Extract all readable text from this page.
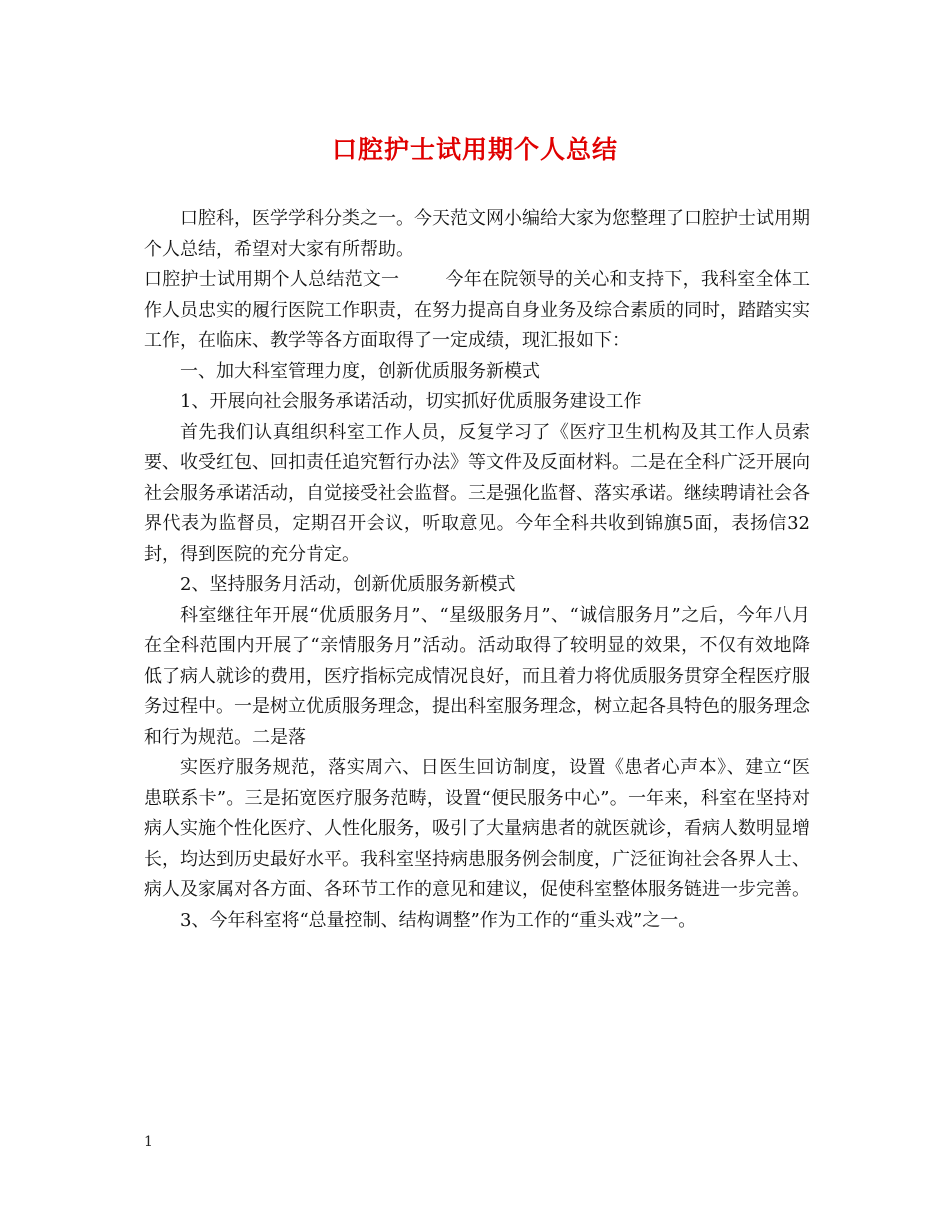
口腔护士试用期个人总结

口腔科，医学学科分类之一。今天范文网小编给大家为您整理了口腔护士试用期个人总结，希望对大家有所帮助。

口腔护士试用期个人总结范文一	今年在院领导的关心和支持下，我科室全体工作人员忠实的履行医院工作职责，在努力提高自身业务及综合素质的同时，踏踏实实工作，在临床、教学等各方面取得了一定成绩，现汇报如下：

一、加大科室管理力度，创新优质服务新模式

1、开展向社会服务承诺活动，切实抓好优质服务建设工作

首先我们认真组织科室工作人员，反复学习了《医疗卫生机构及其工作人员索要、收受红包、回扣责任追究暂行办法》等文件及反面材料。二是在全科广泛开展向社会服务承诺活动，自觉接受社会监督。三是强化监督、落实承诺。继续聘请社会各界代表为监督员，定期召开会议，听取意见。今年全科共收到锦旗5面，表扬信32封，得到医院的充分肯定。

2、坚持服务月活动，创新优质服务新模式

科室继往年开展“优质服务月”、“星级服务月”、“诚信服务月”之后，今年八月在全科范围内开展了“亲情服务月”活动。活动取得了较明显的效果，不仅有效地降低了病人就诊的费用，医疗指标完成情况良好，而且着力将优质服务贯穿全程医疗服务过程中。一是树立优质服务理念，提出科室服务理念，树立起各具特色的服务理念和行为规范。二是落

实医疗服务规范，落实周六、日医生回访制度，设置《患者心声本》、建立“医患联系卡”。三是拓宽医疗服务范畴，设置“便民服务中心”。一年来，科室在坚持对病人实施个性化医疗、人性化服务，吸引了大量病患者的就医就诊，看病人数明显增长，均达到历史最好水平。我科室坚持病患服务例会制度，广泛征询社会各界人士、病人及家属对各方面、各环节工作的意见和建议，促使科室整体服务链进一步完善。

3、今年科室将“总量控制、结构调整”作为工作的“重头戏”之一。

1
